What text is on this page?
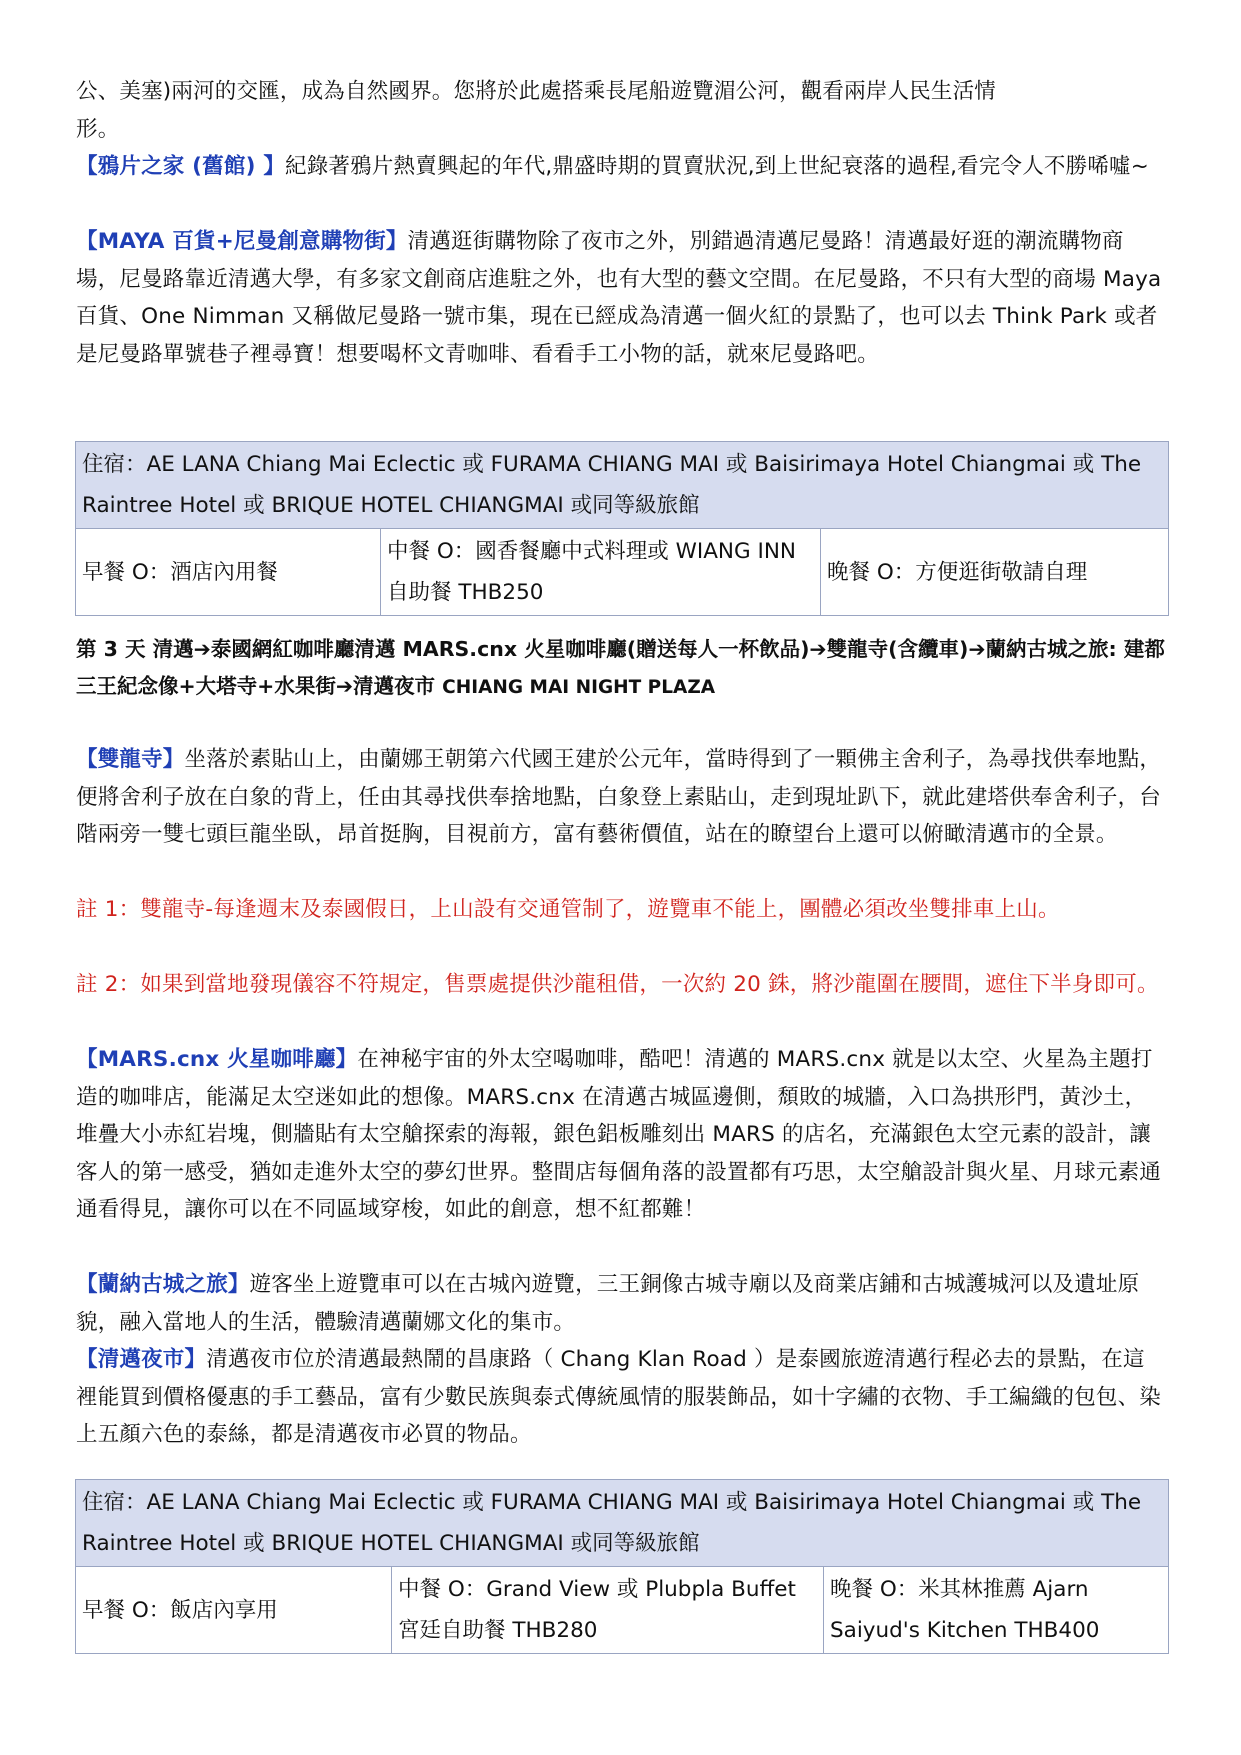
公、美塞)兩河的交匯，成為自然國界。您將於此處搭乘長尾船遊覽湄公河，觀看兩岸人民生活情
形。

【鴉片之家 (舊館) 】紀錄著鴉片熱賣興起的年代,鼎盛時期的買賣狀況,到上世紀衰落的過程,看完令人不勝唏噓~

【MAYA 百貨+尼曼創意購物街】清邁逛街購物除了夜市之外，別錯過清邁尼曼路！清邁最好逛的潮流購物商場，尼曼路靠近清邁大學，有多家文創商店進駐之外，也有大型的藝文空間。在尼曼路，不只有大型的商場 Maya 百貨、One Nimman 又稱做尼曼路一號市集，現在已經成為清邁一個火紅的景點了，也可以去 Think Park 或者是尼曼路單號巷子裡尋寶！想要喝杯文青咖啡、看看手工小物的話，就來尼曼路吧。

住宿：AE LANA Chiang Mai Eclectic 或 FURAMA CHIANG MAI 或 Baisirimaya Hotel Chiangmai 或 The Raintree Hotel 或 BRIQUE HOTEL CHIANGMAI 或同等級旅館
早餐 O：酒店內用餐	中餐 O：國香餐廳中式料理或 WIANG INN 自助餐 THB250	晚餐 O：方便逛街敬請自理

第 3 天 清邁➔泰國網紅咖啡廳清邁 MARS.cnx 火星咖啡廳(贈送每人一杯飲品)➔雙龍寺(含纜車)➔蘭納古城之旅: 建都三王紀念像+大塔寺+水果街➔清邁夜市 CHIANG MAI NIGHT PLAZA

【雙龍寺】坐落於素貼山上，由蘭娜王朝第六代國王建於公元年，當時得到了一顆佛主舍利子，為尋找供奉地點，便將舍利子放在白象的背上，任由其尋找供奉捨地點，白象登上素貼山，走到現址趴下，就此建塔供奉舍利子，台階兩旁一雙七頭巨龍坐臥，昂首挺胸，目視前方，富有藝術價值，站在的瞭望台上還可以俯瞰清邁市的全景。

註 1：雙龍寺-每逢週末及泰國假日，上山設有交通管制了，遊覽車不能上，團體必須改坐雙排車上山。

註 2：如果到當地發現儀容不符規定，售票處提供沙龍租借，一次約 20 銖，將沙龍圍在腰間，遮住下半身即可。

【MARS.cnx 火星咖啡廳】在神秘宇宙的外太空喝咖啡，酷吧！清邁的 MARS.cnx 就是以太空、火星為主題打造的咖啡店，能滿足太空迷如此的想像。MARS.cnx 在清邁古城區邊側，頹敗的城牆，入口為拱形門，黃沙土，堆疊大小赤紅岩塊，側牆貼有太空艙探索的海報，銀色鋁板雕刻出 MARS 的店名，充滿銀色太空元素的設計，讓客人的第一感受，猶如走進外太空的夢幻世界。整間店每個角落的設置都有巧思，太空艙設計與火星、月球元素通通看得見，讓你可以在不同區域穿梭，如此的創意，想不紅都難！

【蘭納古城之旅】遊客坐上遊覽車可以在古城內遊覽，三王銅像古城寺廟以及商業店鋪和古城護城河以及遺址原貌，融入當地人的生活，體驗清邁蘭娜文化的集市。

【清邁夜市】清邁夜市位於清邁最熱鬧的昌康路（ Chang Klan Road ）是泰國旅遊清邁行程必去的景點，在這裡能買到價格優惠的手工藝品，富有少數民族與泰式傳統風情的服裝飾品，如十字繡的衣物、手工編織的包包、染上五顏六色的泰絲，都是清邁夜市必買的物品。

住宿：AE LANA Chiang Mai Eclectic 或 FURAMA CHIANG MAI 或 Baisirimaya Hotel Chiangmai 或 The Raintree Hotel 或 BRIQUE HOTEL CHIANGMAI 或同等級旅館
早餐 O：飯店內享用	中餐 O：Grand View 或 Plubpla Buffet 宮廷自助餐 THB280	晚餐 O：米其林推薦 Ajarn Saiyud's Kitchen THB400
